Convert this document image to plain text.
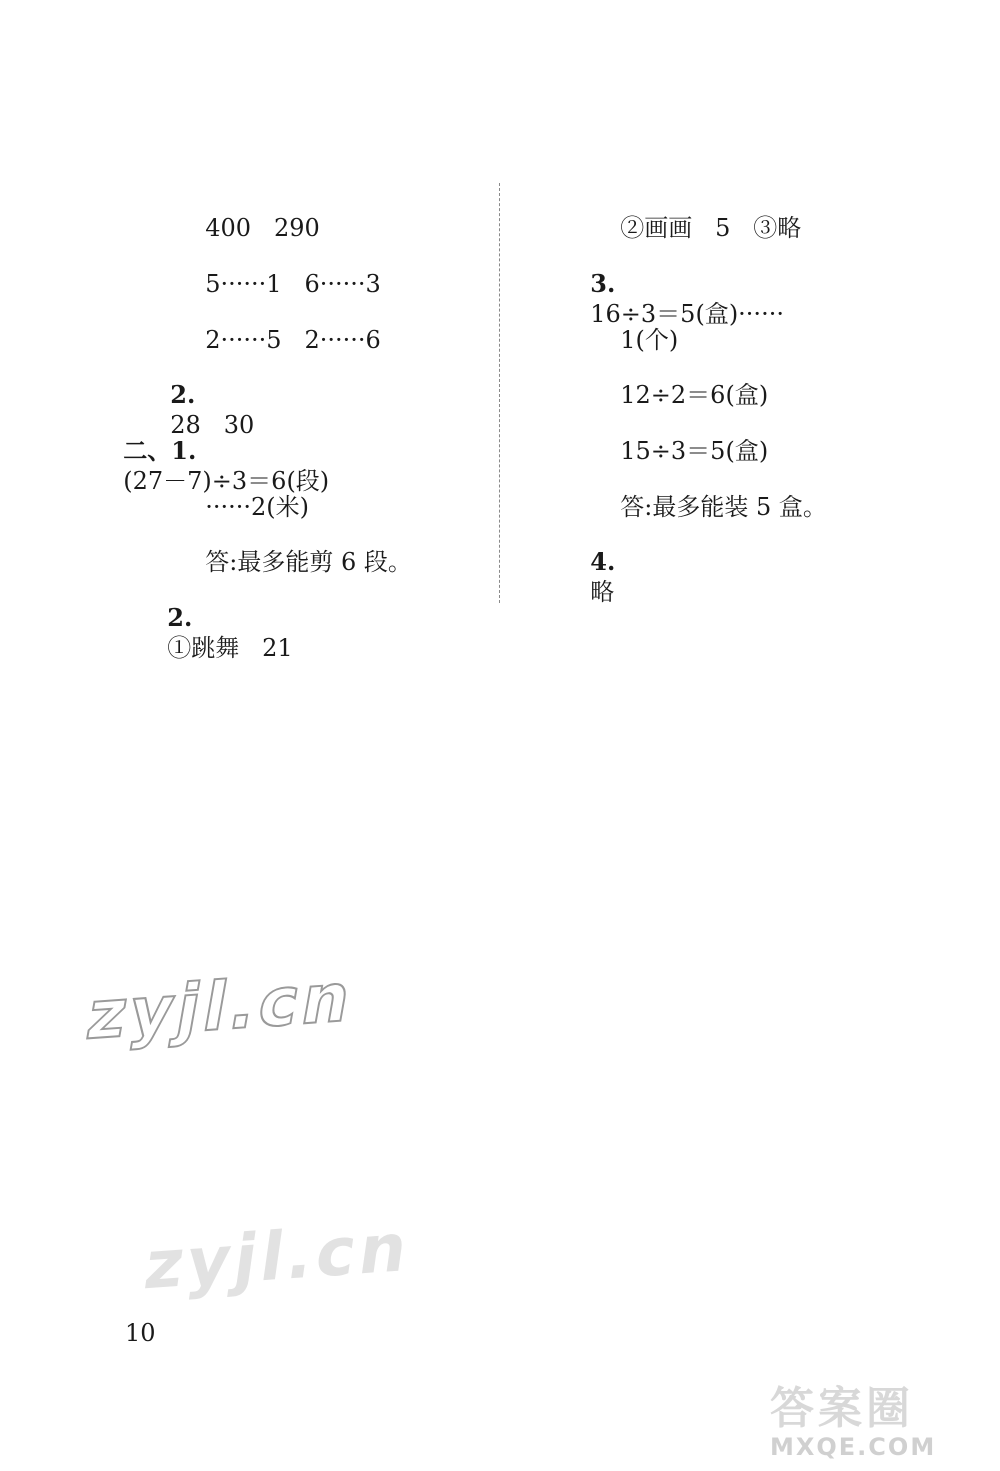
400   290

5······1   6······3

2······5   2······6

2.
28   30

二、1.
(27－7)÷3＝6(段)

······2(米)

答:最多能剪 6 段。

2.
①跳舞   21

②画画   5   ③略

3.
16÷3＝5(盒)······

1(个)

12÷2＝6(盒)

15÷3＝5(盒)

答:最多能装 5 盒。

4.
略

zyjl.cn
zyjl.cn
10
答案圈
MXQE.COM
